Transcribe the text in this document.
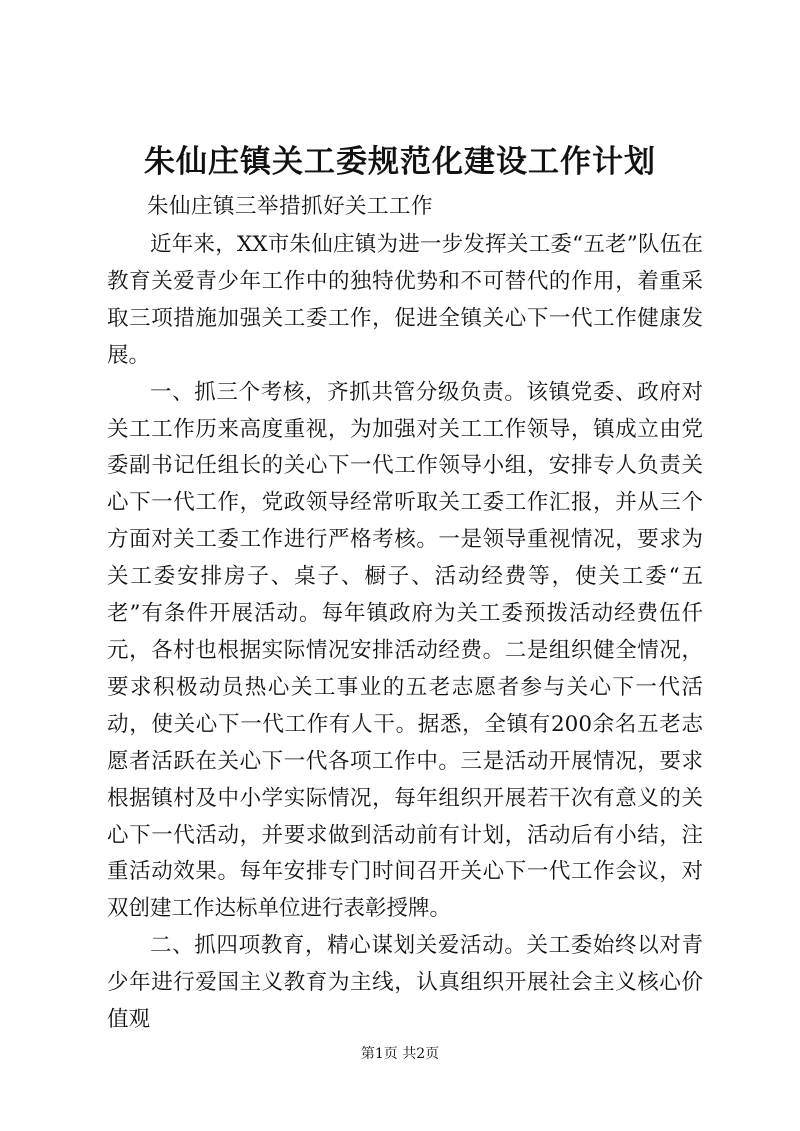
朱仙庄镇关工委规范化建设工作计划
朱仙庄镇三举措抓好关工工作

近年来，XX市朱仙庄镇为进一步发挥关工委“五老”队伍在教育关爱青少年工作中的独特优势和不可替代的作用，着重采取三项措施加强关工委工作，促进全镇关心下一代工作健康发展。

一、抓三个考核，齐抓共管分级负责。该镇党委、政府对关工工作历来高度重视，为加强对关工工作领导，镇成立由党委副书记任组长的关心下一代工作领导小组，安排专人负责关心下一代工作，党政领导经常听取关工委工作汇报，并从三个方面对关工委工作进行严格考核。一是领导重视情况，要求为关工委安排房子、桌子、橱子、活动经费等，使关工委“五老”有条件开展活动。每年镇政府为关工委预拨活动经费伍仟元，各村也根据实际情况安排活动经费。二是组织健全情况，要求积极动员热心关工事业的五老志愿者参与关心下一代活动，使关心下一代工作有人干。据悉，全镇有200余名五老志愿者活跃在关心下一代各项工作中。三是活动开展情况，要求根据镇村及中小学实际情况，每年组织开展若干次有意义的关心下一代活动，并要求做到活动前有计划，活动后有小结，注重活动效果。每年安排专门时间召开关心下一代工作会议，对双创建工作达标单位进行表彰授牌。

二、抓四项教育，精心谋划关爱活动。关工委始终以对青少年进行爱国主义教育为主线，认真组织开展社会主义核心价值观

第1页 共2页
